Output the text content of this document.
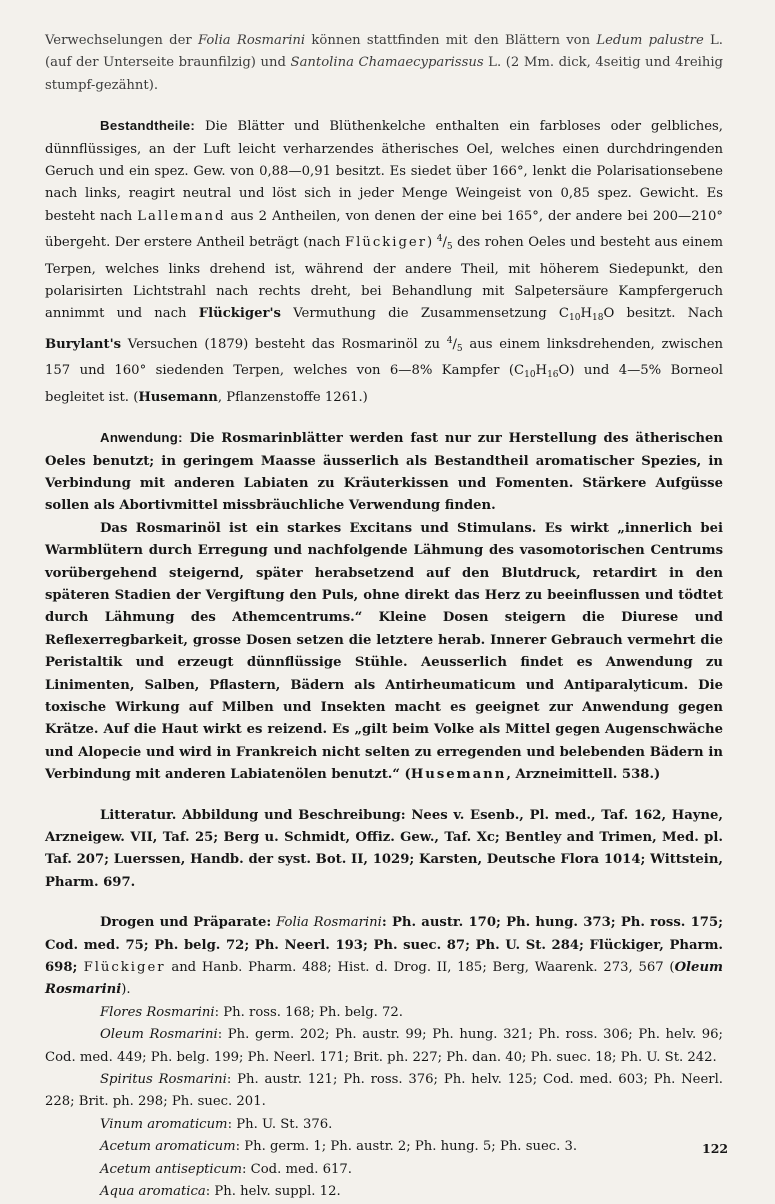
Verwechselungen der Folia Rosmarini können stattfinden mit den Blättern von Ledum palustre L. (auf der Unterseite braunfilzig) und Santolina Chamaecyparissus L. (2 Mm. dick, 4seitig und 4reihig stumpf-gezähnt).

Bestandtheile: Die Blätter und Blüthenkelche enthalten ein farbloses oder gelbliches, dünnflüssiges, an der Luft leicht verharzendes ätherisches Oel, welches einen durchdringenden Geruch und ein spez. Gew. von 0,88—0,91 besitzt. Es siedet über 166°, lenkt die Polarisationsebene nach links, reagirt neutral und löst sich in jeder Menge Weingeist von 0,85 spez. Gewicht. Es besteht nach Lallemand aus 2 Antheilen, von denen der eine bei 165°, der andere bei 200—210° übergeht. Der erstere Antheil beträgt (nach Flückiger) $^4/_5$ des rohen Oeles und besteht aus einem Terpen, welches links drehend ist, während der andere Theil, mit höherem Siedepunkt, den polarisirten Lichtstrahl nach rechts dreht, bei Behandlung mit Salpetersäure Kampfergeruch annimmt und nach Flückiger's Vermuthung die Zusammensetzung $C_{10}H_{18}O$ besitzt. Nach Burylant's Versuchen (1879) besteht das Rosmarinöl zu $^4/_5$ aus einem linksdrehenden, zwischen 157 und 160° siedenden Terpen, welches von 6—8% Kampfer $(C_{10}H_{16}O)$ und 4—5% Borneol begleitet ist. (Husemann, Pflanzenstoffe 1261.)

Anwendung: Die Rosmarinblätter werden fast nur zur Herstellung des ätherischen Oeles benutzt; in geringem Maasse äusserlich als Bestandtheil aromatischer Spezies, in Verbindung mit anderen Labiaten zu Kräuterkissen und Fomenten. Stärkere Aufgüsse sollen als Abortivmittel missbräuchliche Verwendung finden.

Das Rosmarinöl ist ein starkes Excitans und Stimulans. Es wirkt „innerlich bei Warmblütern durch Erregung und nachfolgende Lähmung des vasomotorischen Centrums vorübergehend steigernd, später herabsetzend auf den Blutdruck, retardirt in den späteren Stadien der Vergiftung den Puls, ohne direkt das Herz zu beeinflussen und tödtet durch Lähmung des Athemcentrums.“ Kleine Dosen steigern die Diurese und Reflexerregbarkeit, grosse Dosen setzen die letztere herab. Innerer Gebrauch vermehrt die Peristaltik und erzeugt dünnflüssige Stühle. Aeusserlich findet es Anwendung zu Linimenten, Salben, Pflastern, Bädern als Antirheumaticum und Antiparalyticum. Die toxische Wirkung auf Milben und Insekten macht es geeignet zur Anwendung gegen Krätze. Auf die Haut wirkt es reizend. Es „gilt beim Volke als Mittel gegen Augenschwäche und Alopecie und wird in Frankreich nicht selten zu erregenden und belebenden Bädern in Verbindung mit anderen Labiatenölen benutzt.“ (Husemann, Arzneimittell. 538.)

Litteratur. Abbildung und Beschreibung: Nees v. Esenb., Pl. med., Taf. 162, Hayne, Arzneigew. VII, Taf. 25; Berg u. Schmidt, Offiz. Gew., Taf. Xc; Bentley and Trimen, Med. pl. Taf. 207; Luerssen, Handb. der syst. Bot. II, 1029; Karsten, Deutsche Flora 1014; Wittstein, Pharm. 697.

Drogen und Präparate: Folia Rosmarini: Ph. austr. 170; Ph. hung. 373; Ph. ross. 175; Cod. med. 75; Ph. belg. 72; Ph. Neerl. 193; Ph. suec. 87; Ph. U. St. 284; Flückiger, Pharm. 698; Flückiger and Hanb. Pharm. 488; Hist. d. Drog. II, 185; Berg, Waarenk. 273, 567 (Oleum Rosmarini).

Flores Rosmarini: Ph. ross. 168; Ph. belg. 72.

Oleum Rosmarini: Ph. germ. 202; Ph. austr. 99; Ph. hung. 321; Ph. ross. 306; Ph. helv. 96; Cod. med. 449; Ph. belg. 199; Ph. Neerl. 171; Brit. ph. 227; Ph. dan. 40; Ph. suec. 18; Ph. U. St. 242.

Spiritus Rosmarini: Ph. austr. 121; Ph. ross. 376; Ph. helv. 125; Cod. med. 603; Ph. Neerl. 228; Brit. ph. 298; Ph. suec. 201.

Vinum aromaticum: Ph. U. St. 376.

Acetum aromaticum: Ph. germ. 1; Ph. austr. 2; Ph. hung. 5; Ph. suec. 3.

Acetum antisepticum: Cod. med. 617.

Aqua aromatica: Ph. helv. suppl. 12.

122
